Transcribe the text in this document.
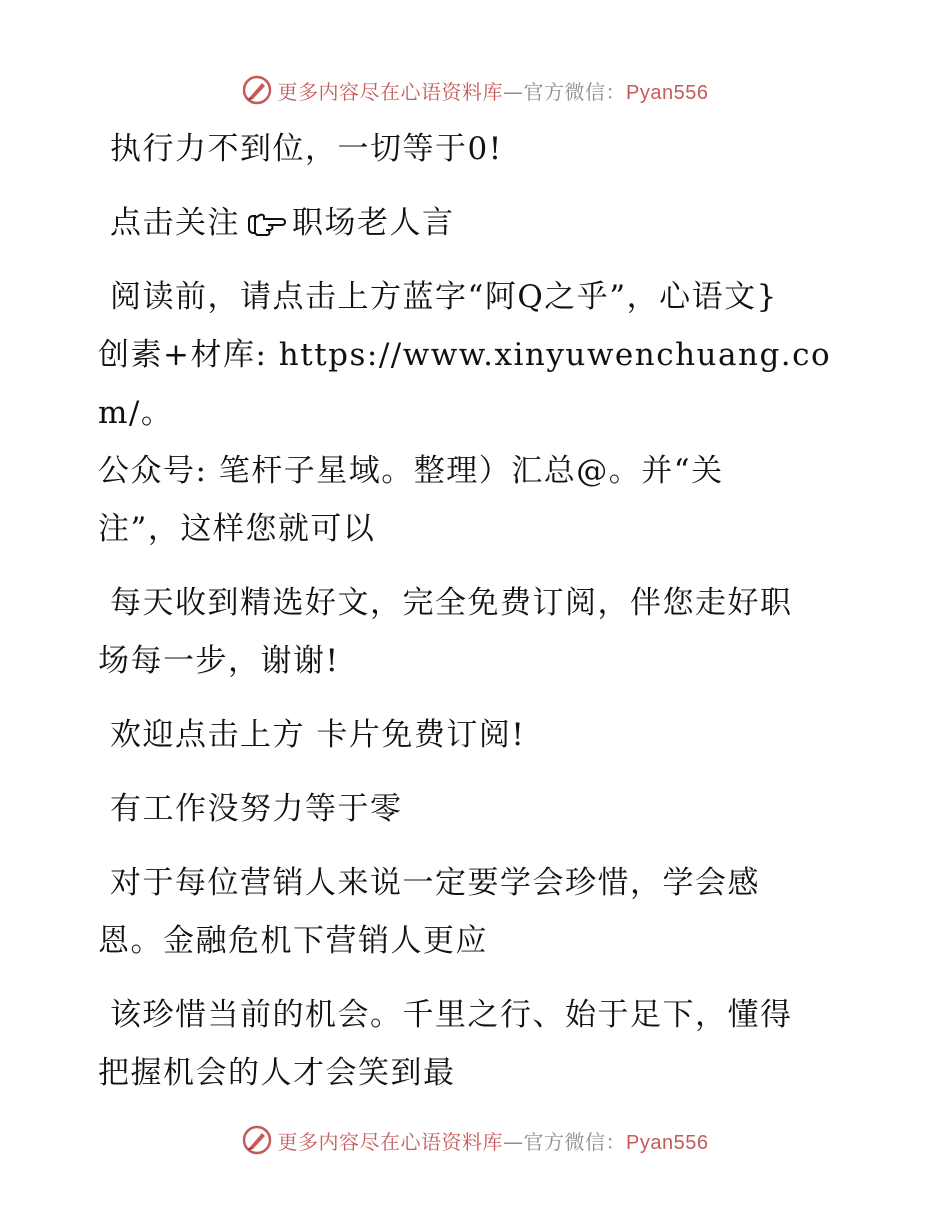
更多内容尽在心语资料库—官方微信：Pyan556
执行力不到位，一切等于0!
点击关注 职场老人言
阅读前，请点击上方蓝字“阿Q之乎”，心语文}
创素+材库: https://www.xinyuwenchuang.com/。
公众号: 笔杆子星域。整理）汇总@。并“关
注”，这样您就可以
每天收到精选好文，完全免费订阅，伴您走好职
场每一步，谢谢!
欢迎点击上方 卡片免费订阅!
有工作没努力等于零
对于每位营销人来说一定要学会珍惜，学会感
恩。金融危机下营销人更应
该珍惜当前的机会。千里之行、始于足下，懂得
把握机会的人才会笑到最
更多内容尽在心语资料库—官方微信：Pyan556
